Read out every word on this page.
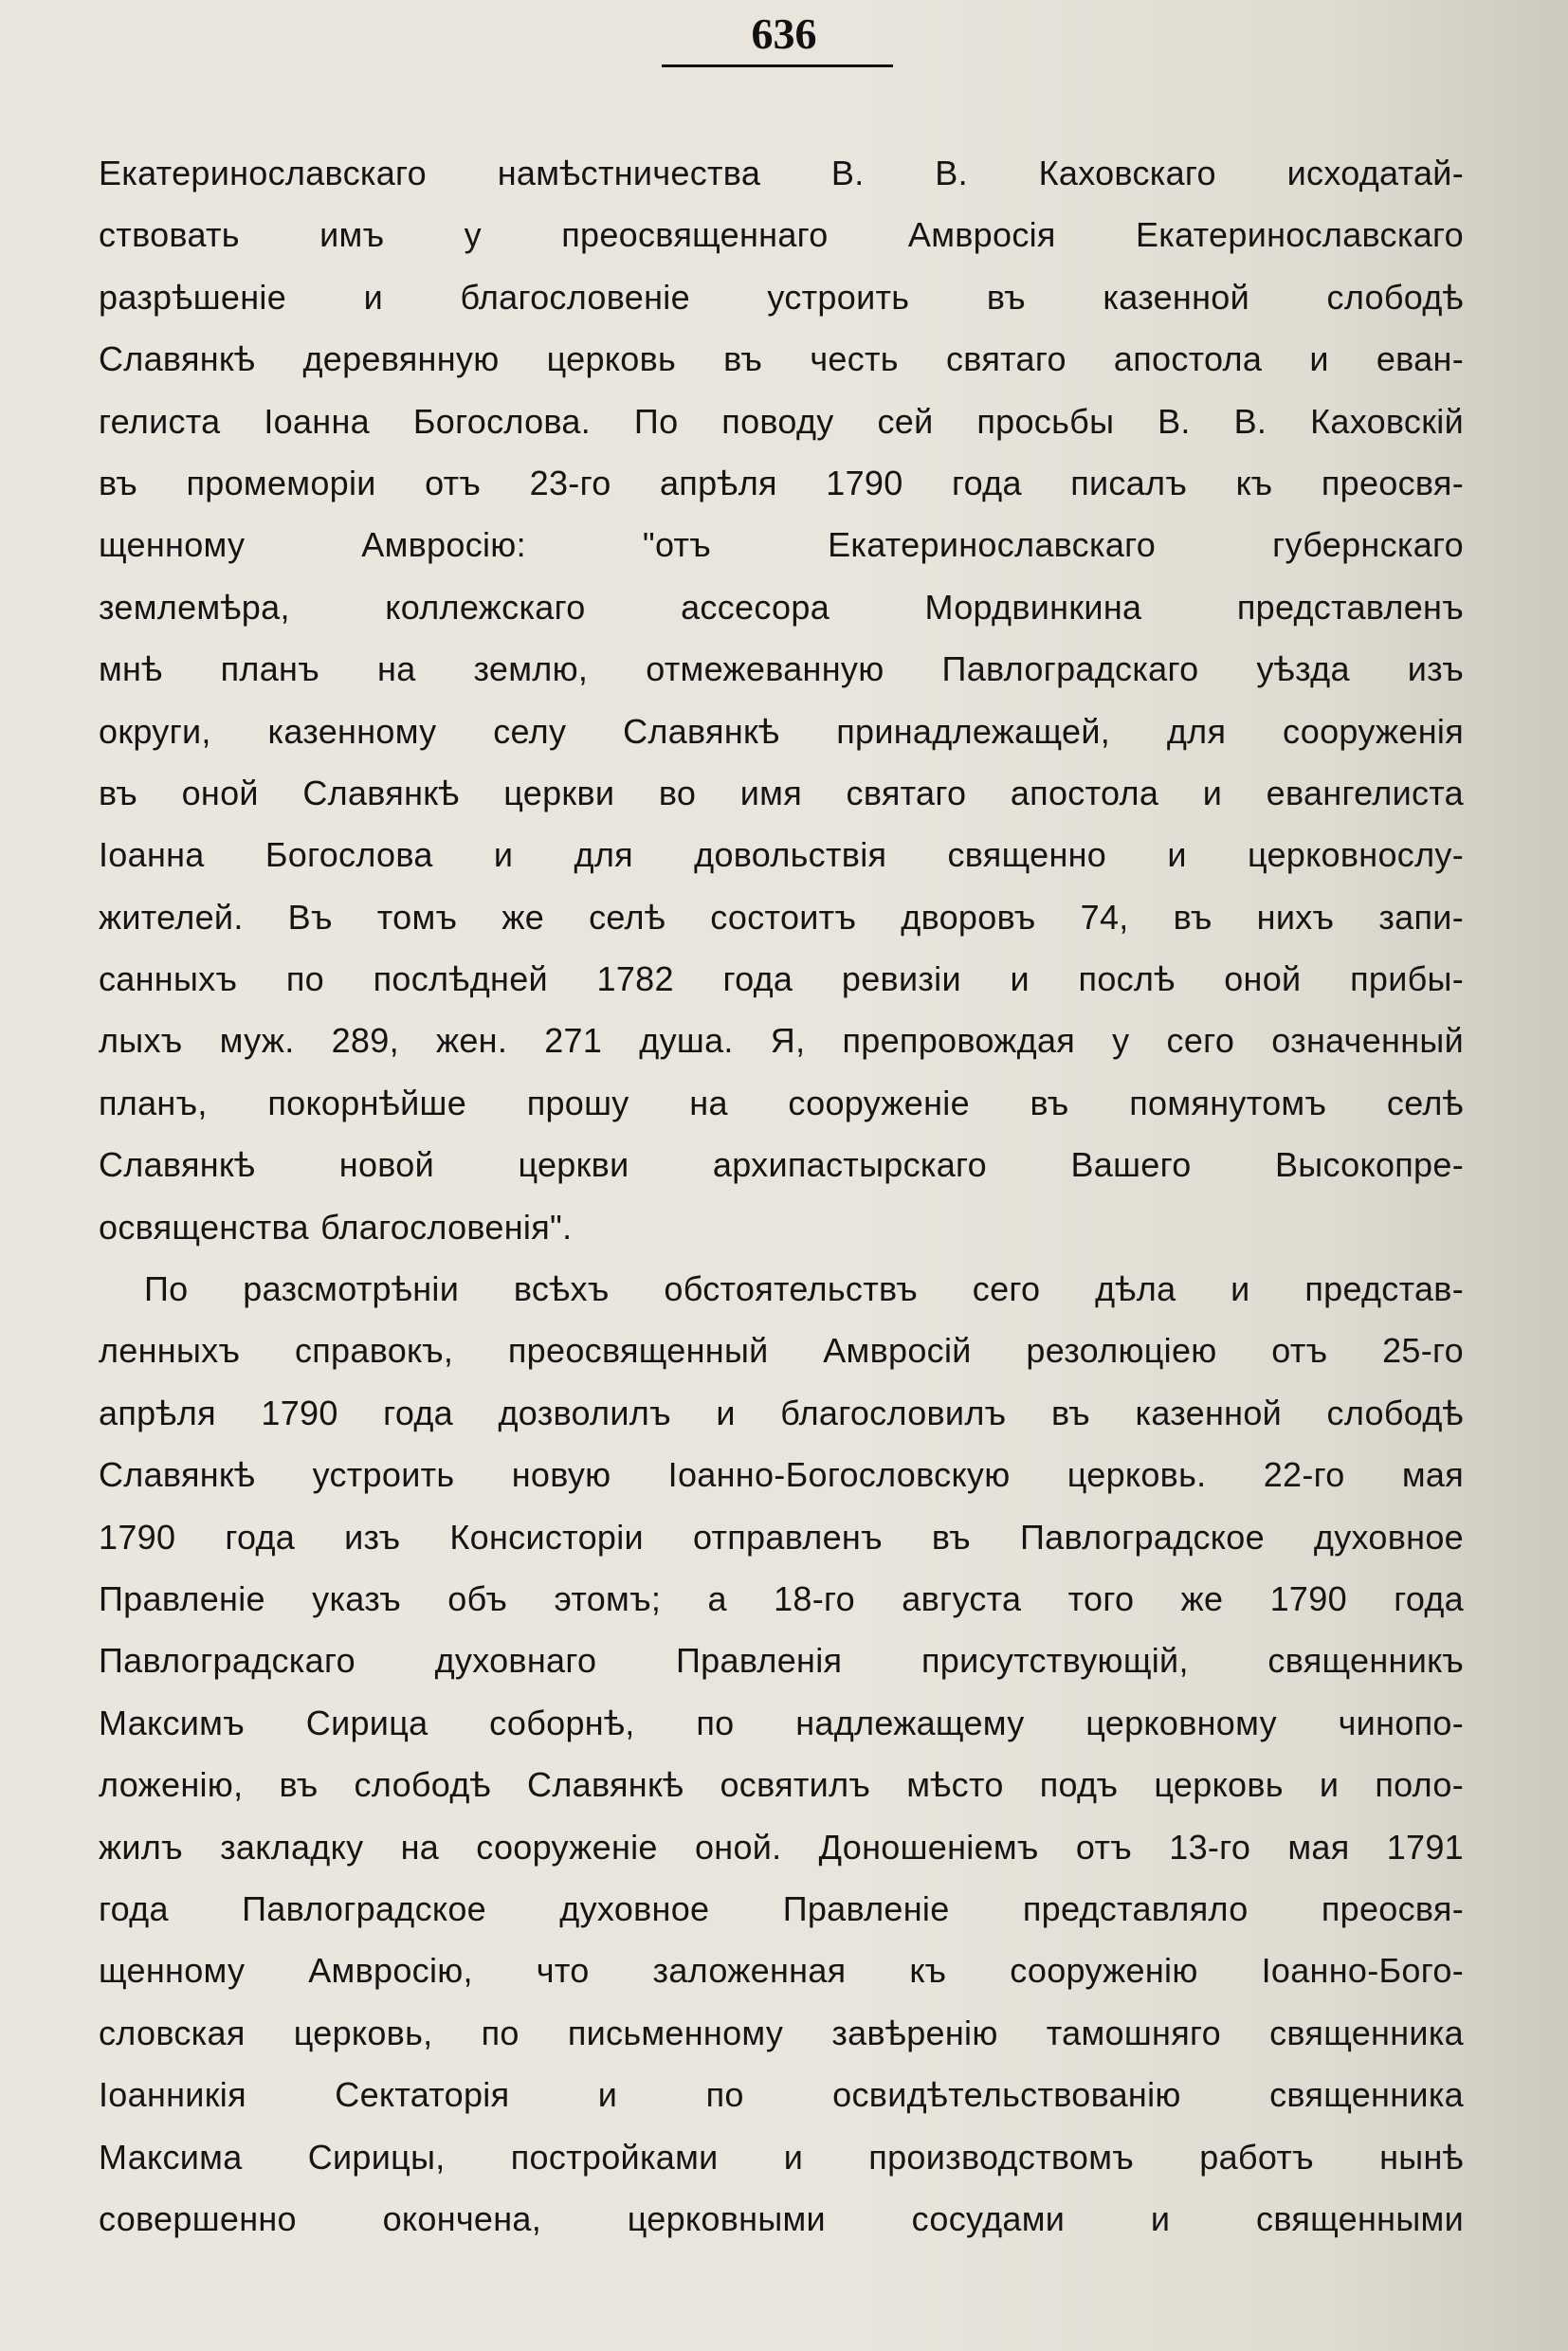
636
Екатеринославскаго намѣстничества В. В. Каховскаго исходатай-
ствовать имъ у преосвященнаго Амвросія Екатеринославскаго
разрѣшеніе и благословеніе устроить въ казенной слободѣ
Славянкѣ деревянную церковь въ честь святаго апостола и еван-
гелиста Іоанна Богослова. По поводу сей просьбы В. В. Каховскій
въ промеморіи отъ 23-го апрѣля 1790 года писалъ къ преосвя-
щенному Амвросію: "отъ Екатеринославскаго губернскаго
землемѣра, коллежскаго ассесора Мордвинкина представленъ
мнѣ планъ на землю, отмежеванную Павлоградскаго уѣзда изъ
округи, казенному селу Славянкѣ принадлежащей, для сооруженія
въ оной Славянкѣ церкви во имя святаго апостола и евангелиста
Іоанна Богослова и для довольствія священно и церковнослу-
жителей. Въ томъ же селѣ состоитъ дворовъ 74, въ нихъ запи-
санныхъ по послѣдней 1782 года ревизіи и послѣ оной прибы-
лыхъ муж. 289, жен. 271 душа. Я, препровождая у сего означенный
планъ, покорнѣйше прошу на сооруженіе въ помянутомъ селѣ
Славянкѣ новой церкви архипастырскаго Вашего Высокопре-
освященства благословенія".
По разсмотрѣніи всѣхъ обстоятельствъ сего дѣла и представ-
ленныхъ справокъ, преосвященный Амвросій резолюціею отъ 25-го
апрѣля 1790 года дозволилъ и благословилъ въ казенной слободѣ
Славянкѣ устроить новую Іоанно-Богословскую церковь. 22-го мая
1790 года изъ Консисторіи отправленъ въ Павлоградское духовное
Правленіе указъ объ этомъ; а 18-го августа того же 1790 года
Павлоградскаго духовнаго Правленія присутствующій, священникъ
Максимъ Сирица соборнѣ, по надлежащему церковному чинопо-
ложенію, въ слободѣ Славянкѣ освятилъ мѣсто подъ церковь и поло-
жилъ закладку на сооруженіе оной. Доношеніемъ отъ 13-го мая 1791
года Павлоградское духовное Правленіе представляло преосвя-
щенному Амвросію, что заложенная къ сооруженію Іоанно-Бого-
словская церковь, по письменному завѣренію тамошняго священника
Іоанникія Сектаторія и по освидѣтельствованію священника
Максима Сирицы, постройками и производствомъ работъ нынѣ
совершенно окончена, церковными сосудами и священными
